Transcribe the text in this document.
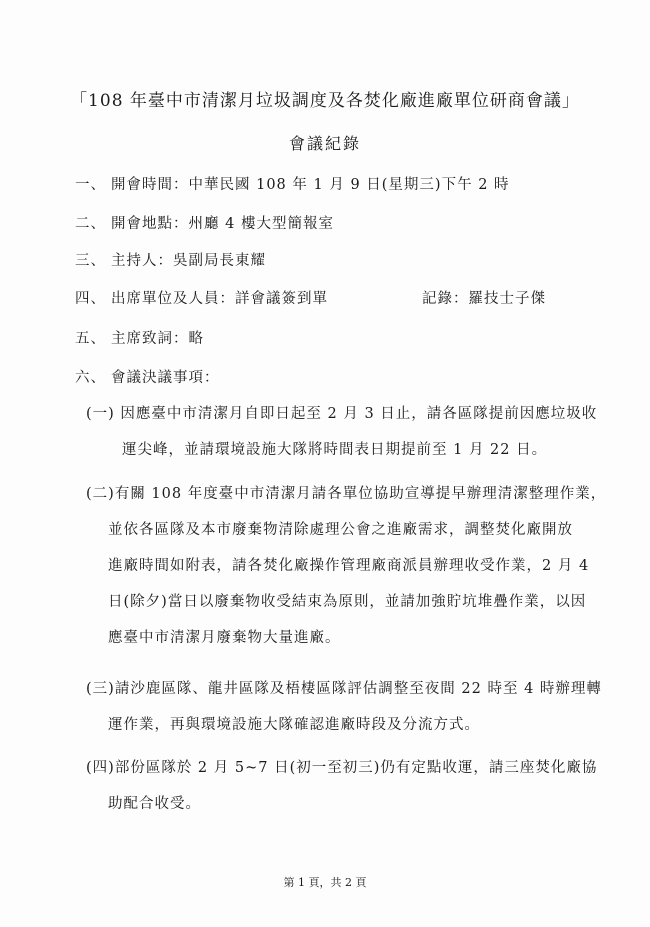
「108 年臺中市清潔月垃圾調度及各焚化廠進廠單位研商會議」
會議紀錄
一、 開會時間：中華民國 108 年 1 月 9 日(星期三)下午 2 時
二、 開會地點：州廳 4 樓大型簡報室
三、 主持人：吳副局長東耀
四、 出席單位及人員：詳會議簽到單	記錄：羅技士子傑
五、 主席致詞：略
六、 會議決議事項：
(一) 因應臺中市清潔月自即日起至 2 月 3 日止，請各區隊提前因應垃圾收
運尖峰，並請環境設施大隊將時間表日期提前至 1 月 22 日。
(二)有關 108 年度臺中市清潔月請各單位協助宣導提早辦理清潔整理作業，
並依各區隊及本市廢棄物清除處理公會之進廠需求，調整焚化廠開放
進廠時間如附表，請各焚化廠操作管理廠商派員辦理收受作業，2 月 4
日(除夕)當日以廢棄物收受結束為原則，並請加強貯坑堆疊作業，以因
應臺中市清潔月廢棄物大量進廠。
(三)請沙鹿區隊、龍井區隊及梧棲區隊評估調整至夜間 22 時至 4 時辦理轉
運作業，再與環境設施大隊確認進廠時段及分流方式。
(四)部份區隊於 2 月 5~7 日(初一至初三)仍有定點收運，請三座焚化廠協
助配合收受。
第 1 頁，共 2 頁
